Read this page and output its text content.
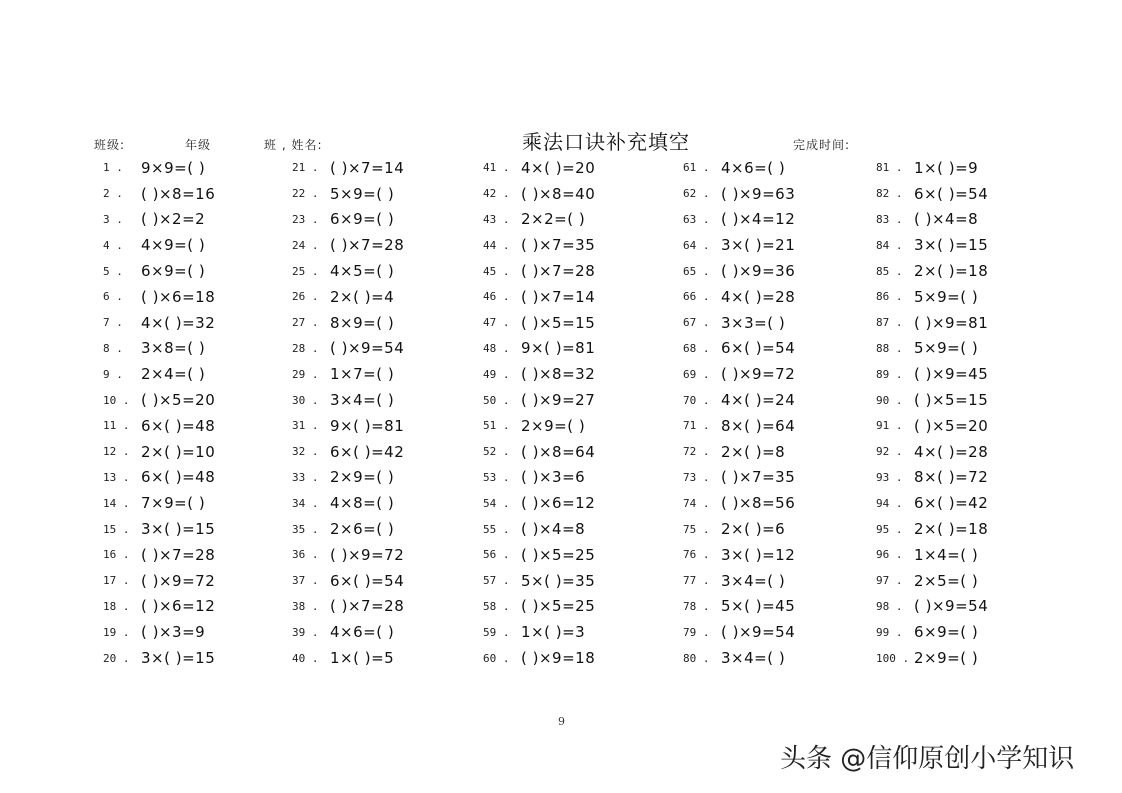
班级:	年级	班 , 姓名:	乘法口诀补充填空	完成时间:
1 .	9×9=( )
2 .	( )×8=16
3 .	( )×2=2
4 .	4×9=( )
5 .	6×9=( )
6 .	( )×6=18
7 .	4×( )=32
8 .	3×8=( )
9 .	2×4=( )
10 . ( )×5=20
11 . 6×( )=48
12 . 2×( )=10
13 . 6×( )=48
14 . 7×9=( )
15 . 3×( )=15
16 . ( )×7=28
17 . ( )×9=72
18 . ( )×6=12
19 . ( )×3=9
20 . 3×( )=15
21 . ( )×7=14
22 . 5×9=( )
23 . 6×9=( )
24 . ( )×7=28
25 . 4×5=( )
26 . 2×( )=4
27 . 8×9=( )
28 . ( )×9=54
29 . 1×7=( )
30 . 3×4=( )
31 . 9×( )=81
32 . 6×( )=42
33 . 2×9=( )
34 . 4×8=( )
35 . 2×6=( )
36 . ( )×9=72
37 . 6×( )=54
38 . ( )×7=28
39 . 4×6=( )
40 . 1×( )=5
41 . 4×( )=20
42 . ( )×8=40
43 . 2×2=( )
44 . ( )×7=35
45 . ( )×7=28
46 . ( )×7=14
47 . ( )×5=15
48 . 9×( )=81
49 . ( )×8=32
50 . ( )×9=27
51 . 2×9=( )
52 . ( )×8=64
53 . ( )×3=6
54 . ( )×6=12
55 . ( )×4=8
56 . ( )×5=25
57 . 5×( )=35
58 . ( )×5=25
59 . 1×( )=3
60 . ( )×9=18
61 . 4×6=( )
62 . ( )×9=63
63 . ( )×4=12
64 . 3×( )=21
65 . ( )×9=36
66 . 4×( )=28
67 . 3×3=( )
68 . 6×( )=54
69 . ( )×9=72
70 . 4×( )=24
71 . 8×( )=64
72 . 2×( )=8
73 . ( )×7=35
74 . ( )×8=56
75 . 2×( )=6
76 . 3×( )=12
77 . 3×4=( )
78 . 5×( )=45
79 . ( )×9=54
80 . 3×4=( )
81 . 1×( )=9
82 . 6×( )=54
83 . ( )×4=8
84 . 3×( )=15
85 . 2×( )=18
86 . 5×9=( )
87 . ( )×9=81
88 . 5×9=( )
89 . ( )×9=45
90 . ( )×5=15
91 . ( )×5=20
92 . 4×( )=28
93 . 8×( )=72
94 . 6×( )=42
95 . 2×( )=18
96 . 1×4=( )
97 . 2×5=( )
98 . ( )×9=54
99 . 6×9=( )
100 . 2×9=( )
9
头条 @信仰原创小学知识
